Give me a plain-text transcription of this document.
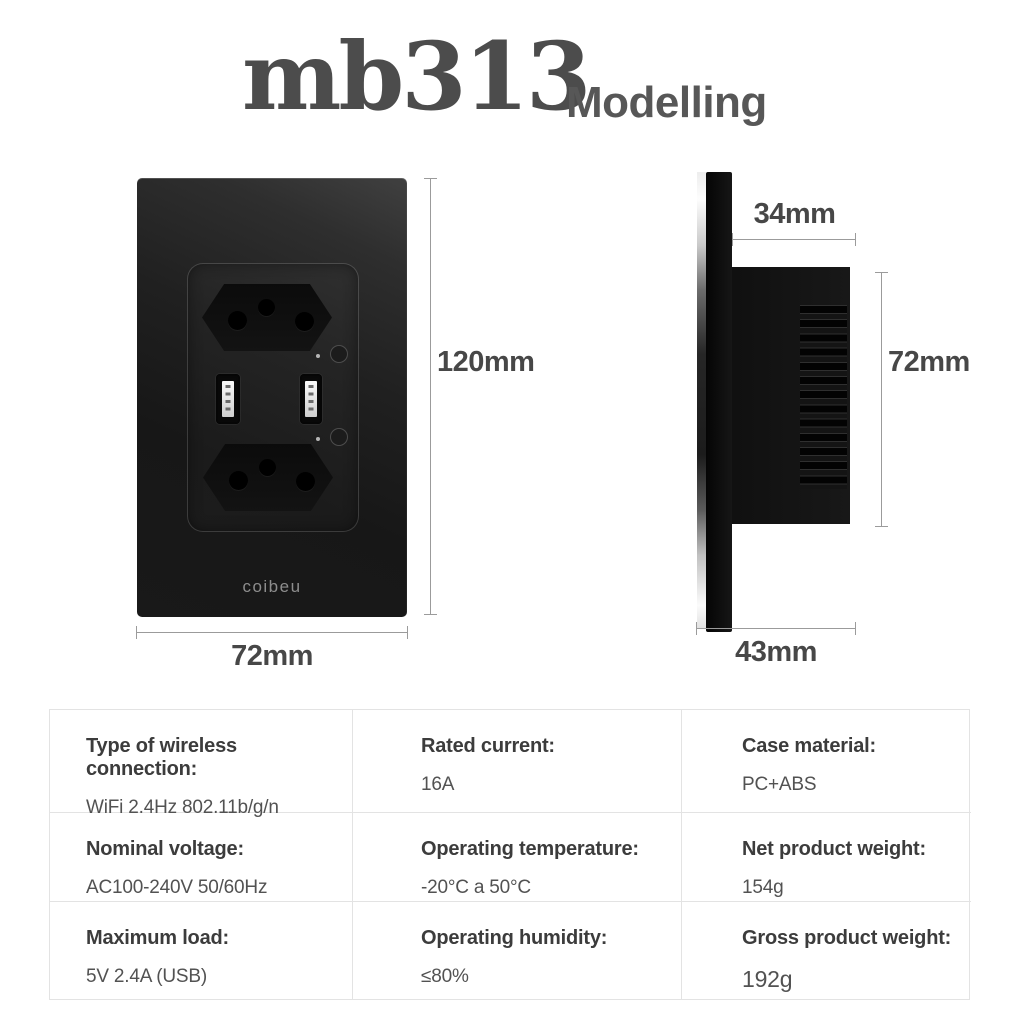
mb313
Modelling
coibeu
120mm
72mm
34mm
72mm
43mm
Type of wireless connection:
WiFi 2.4Hz 802.11b/g/n
Rated current:
16A
Case material:
PC+ABS
Nominal voltage:
AC100-240V 50/60Hz
Operating temperature:
-20°C a 50°C
Net product weight:
154g
Maximum load:
5V 2.4A (USB)
Operating humidity:
≤80%
Gross product weight:
192g
